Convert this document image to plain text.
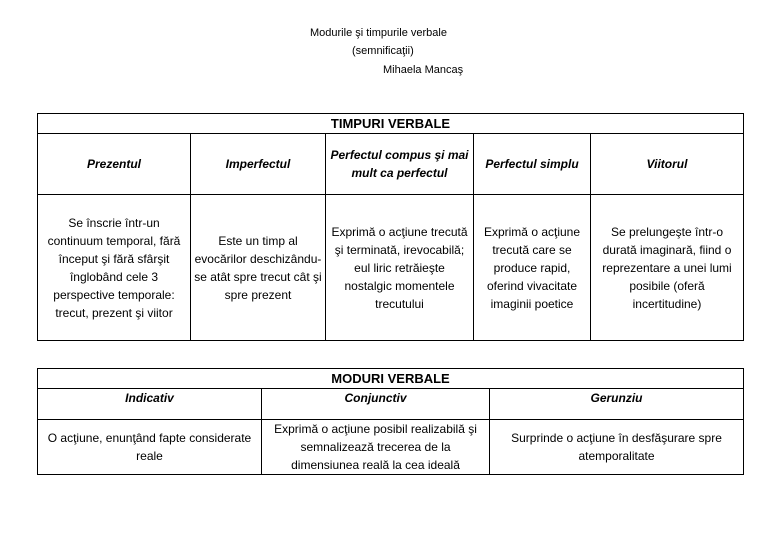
Modurile şi timpurile verbale
(semnificaţii)
Mihaela Mancaş
TIMPURI VERBALE				
Prezentul	Imperfectul	Perfectul compus şi mai mult ca perfectul	Perfectul simplu	Viitorul
Se înscrie într-un continuum temporal, fără început şi fără sfârşit înglobând cele 3 perspective temporale: trecut, prezent şi viitor	Este un timp al evocărilor deschizându-se atât spre trecut cât şi spre prezent	Exprimă o acţiune trecută şi terminată, irevocabilă; eul liric retrăieşte nostalgic momentele trecutului	Exprimă o acţiune trecută care se produce rapid, oferind vivacitate imaginii poetice	Se prelungeşte într-o durată imaginară, fiind o reprezentare a unei lumi posibile (oferă incertitudine)
MODURI VERBALE		
Indicativ	Conjunctiv	Gerunziu
O acţiune, enunţând fapte considerate reale	Exprimă o acţiune posibil realizabilă şi semnalizează trecerea de la dimensiunea reală la cea ideală	Surprinde o acţiune în desfăşurare spre atemporalitate
